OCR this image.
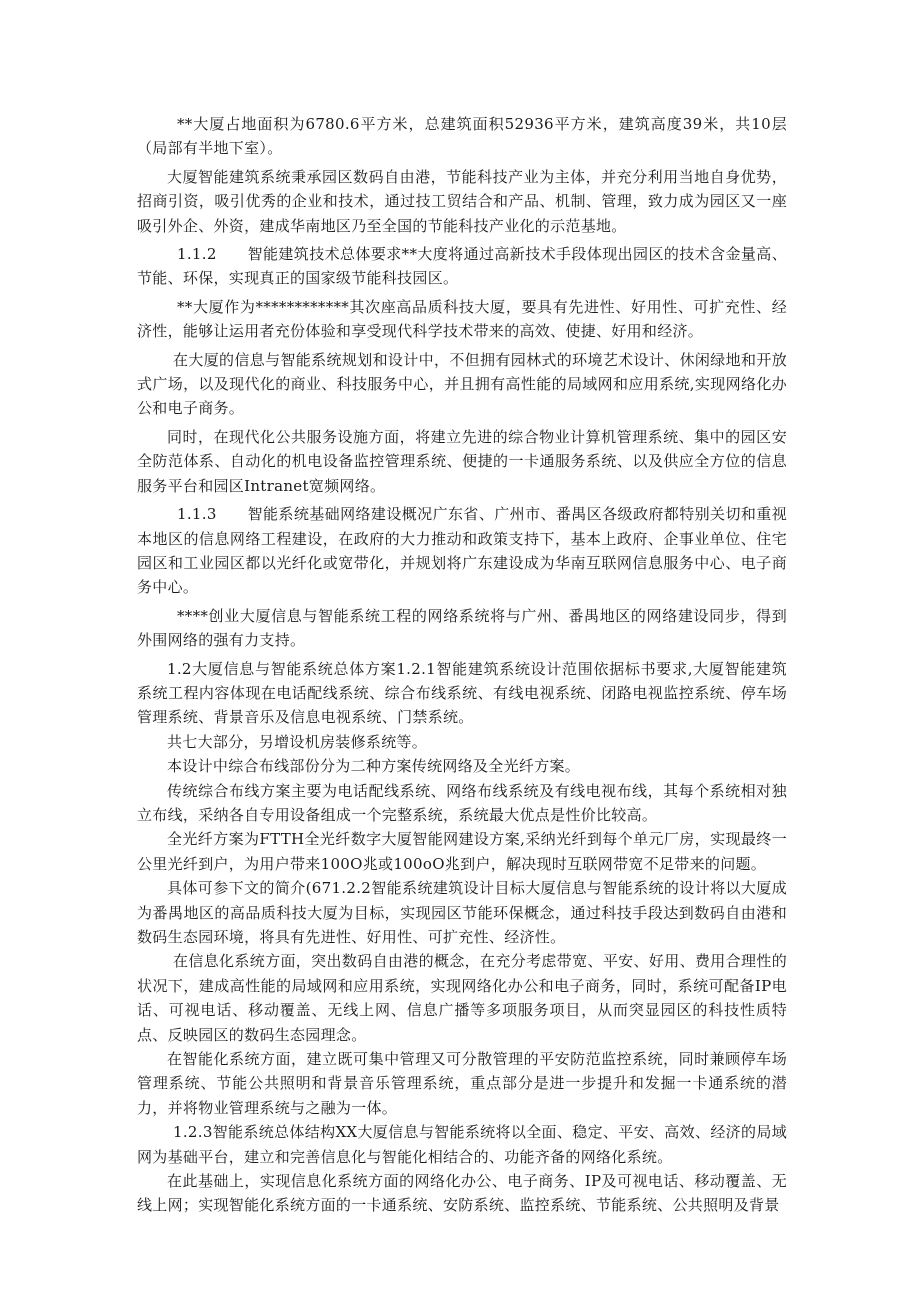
**大厦占地面积为6780.6平方米，总建筑面积52936平方米，建筑高度39米，共10层（局部有半地下室）。

大厦智能建筑系统秉承园区数码自由港，节能科技产业为主体，并充分利用当地自身优势，招商引资，吸引优秀的企业和技术，通过技工贸结合和产品、机制、管理，致力成为园区又一座吸引外企、外资，建成华南地区乃至全国的节能科技产业化的示范基地。

1.1.2　　智能建筑技术总体要求**大度将通过高新技术手段体现出园区的技术含金量高、节能、环保，实现真正的国家级节能科技园区。

**大厦作为************其次座高品质科技大厦，要具有先进性、好用性、可扩充性、经济性，能够让运用者充份体验和享受现代科学技术带来的高效、使捷、好用和经济。

在大厦的信息与智能系统规划和设计中，不但拥有园林式的环境艺术设计、休闲绿地和开放式广场，以及现代化的商业、科技服务中心，并且拥有高性能的局域网和应用系统,实现网络化办公和电子商务。

同时，在现代化公共服务设施方面，将建立先进的综合物业计算机管理系统、集中的园区安全防范体系、自动化的机电设备监控管理系统、便捷的一卡通服务系统、以及供应全方位的信息服务平台和园区Intranet宽频网络。

1.1.3　　智能系统基础网络建设概况广东省、广州市、番禺区各级政府都特别关切和重视本地区的信息网络工程建设，在政府的大力推动和政策支持下，基本上政府、企事业单位、住宅园区和工业园区都以光纤化或宽带化，并规划将广东建设成为华南互联网信息服务中心、电子商务中心。

****创业大厦信息与智能系统工程的网络系统将与广州、番禺地区的网络建设同步，得到外围网络的强有力支持。

1.2大厦信息与智能系统总体方案1.2.1智能建筑系统设计范围依据标书要求,大厦智能建筑系统工程内容体现在电话配线系统、综合布线系统、有线电视系统、闭路电视监控系统、停车场管理系统、背景音乐及信息电视系统、门禁系统。

共七大部分，另增设机房装修系统等。

本设计中综合布线部份分为二种方案传统网络及全光纤方案。

传统综合布线方案主要为电话配线系统、网络布线系统及有线电视布线，其每个系统相对独立布线，采纳各自专用设备组成一个完整系统，系统最大优点是性价比较高。

全光纤方案为FTTH全光纤数字大厦智能网建设方案,采纳光纤到每个单元厂房，实现最终一公里光纤到户，为用户带来100O兆或100oO兆到户，解决现时互联网带宽不足带来的问题。

具体可参下文的简介(671.2.2智能系统建筑设计目标大厦信息与智能系统的设计将以大厦成为番禺地区的高品质科技大厦为目标，实现园区节能环保概念，通过科技手段达到数码自由港和数码生态园环境，将具有先进性、好用性、可扩充性、经济性。

在信息化系统方面，突出数码自由港的概念，在充分考虑带宽、平安、好用、费用合理性的状况下，建成高性能的局域网和应用系统，实现网络化办公和电子商务，同时，系统可配备IP电话、可视电话、移动覆盖、无线上网、信息广播等多项服务项目，从而突显园区的科技性质特点、反映园区的数码生态园理念。

在智能化系统方面，建立既可集中管理又可分散管理的平安防范监控系统，同时兼顾停车场管理系统、节能公共照明和背景音乐管理系统，重点部分是进一步提升和发掘一卡通系统的潜力，并将物业管理系统与之融为一体。

1.2.3智能系统总体结构XX大厦信息与智能系统将以全面、稳定、平安、高效、经济的局域网为基础平台，建立和完善信息化与智能化相结合的、功能齐备的网络化系统。

在此基础上，实现信息化系统方面的网络化办公、电子商务、IP及可视电话、移动覆盖、无线上网；实现智能化系统方面的一卡通系统、安防系统、监控系统、节能系统、公共照明及背景
